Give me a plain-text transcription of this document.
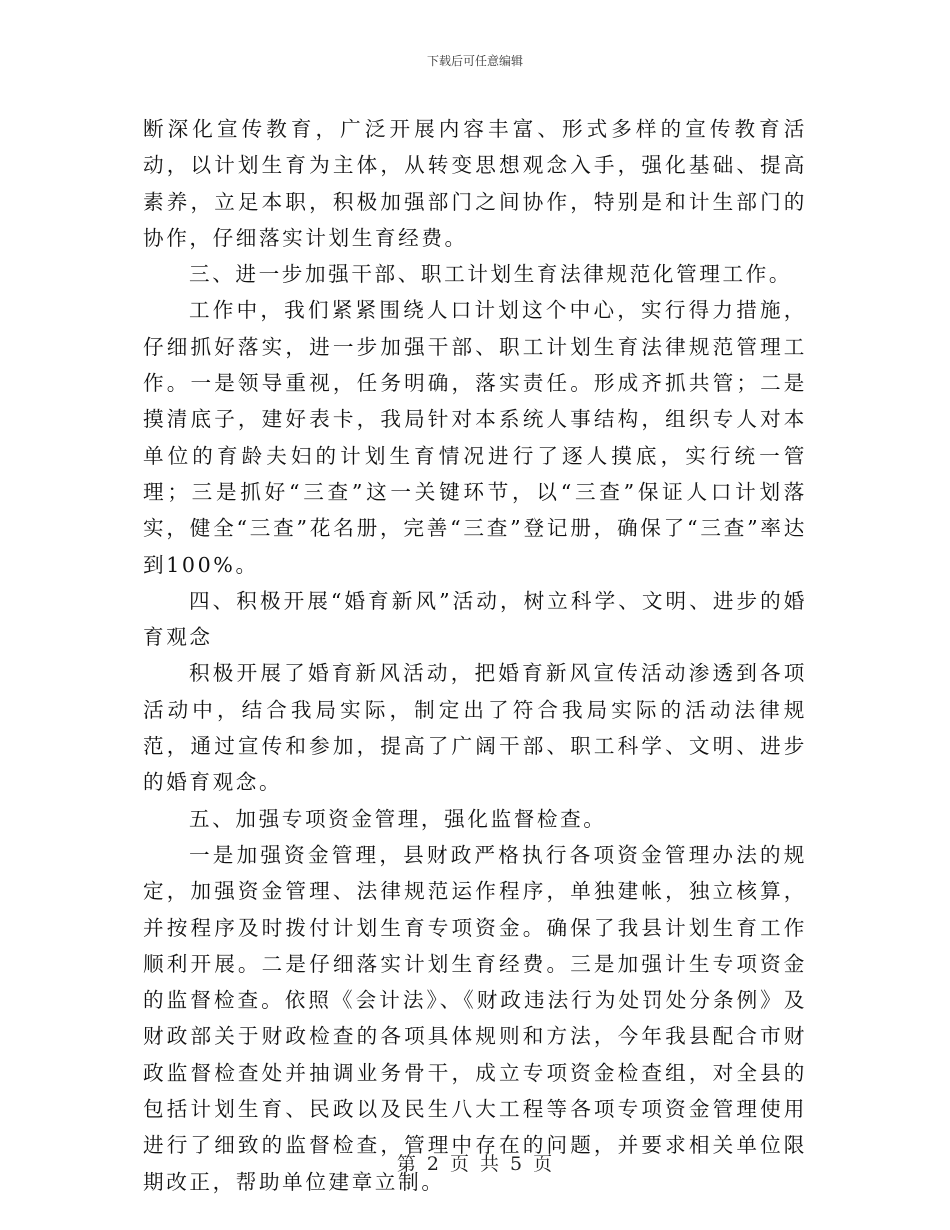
下载后可任意编辑

断深化宣传教育，广泛开展内容丰富、形式多样的宣传教育活动，以计划生育为主体，从转变思想观念入手，强化基础、提高素养，立足本职，积极加强部门之间协作，特别是和计生部门的协作，仔细落实计划生育经费。

三、进一步加强干部、职工计划生育法律规范化管理工作。

工作中，我们紧紧围绕人口计划这个中心，实行得力措施，仔细抓好落实，进一步加强干部、职工计划生育法律规范管理工作。一是领导重视，任务明确，落实责任。形成齐抓共管；二是摸清底子，建好表卡，我局针对本系统人事结构，组织专人对本单位的育龄夫妇的计划生育情况进行了逐人摸底，实行统一管理；三是抓好“三查”这一关键环节，以“三查”保证人口计划落实，健全“三查”花名册，完善“三查”登记册，确保了“三查”率达到100%。

四、积极开展“婚育新风”活动，树立科学、文明、进步的婚育观念

积极开展了婚育新风活动，把婚育新风宣传活动渗透到各项活动中，结合我局实际，制定出了符合我局实际的活动法律规范，通过宣传和参加，提高了广阔干部、职工科学、文明、进步的婚育观念。

五、加强专项资金管理，强化监督检查。

一是加强资金管理，县财政严格执行各项资金管理办法的规定，加强资金管理、法律规范运作程序，单独建帐，独立核算，并按程序及时拨付计划生育专项资金。确保了我县计划生育工作顺利开展。二是仔细落实计划生育经费。三是加强计生专项资金的监督检查。依照《会计法》、《财政违法行为处罚处分条例》及财政部关于财政检查的各项具体规则和方法，今年我县配合市财政监督检查处并抽调业务骨干，成立专项资金检查组，对全县的包括计划生育、民政以及民生八大工程等各项专项资金管理使用进行了细致的监督检查，管理中存在的问题，并要求相关单位限期改正，帮助单位建章立制。

第 2 页 共 5 页
